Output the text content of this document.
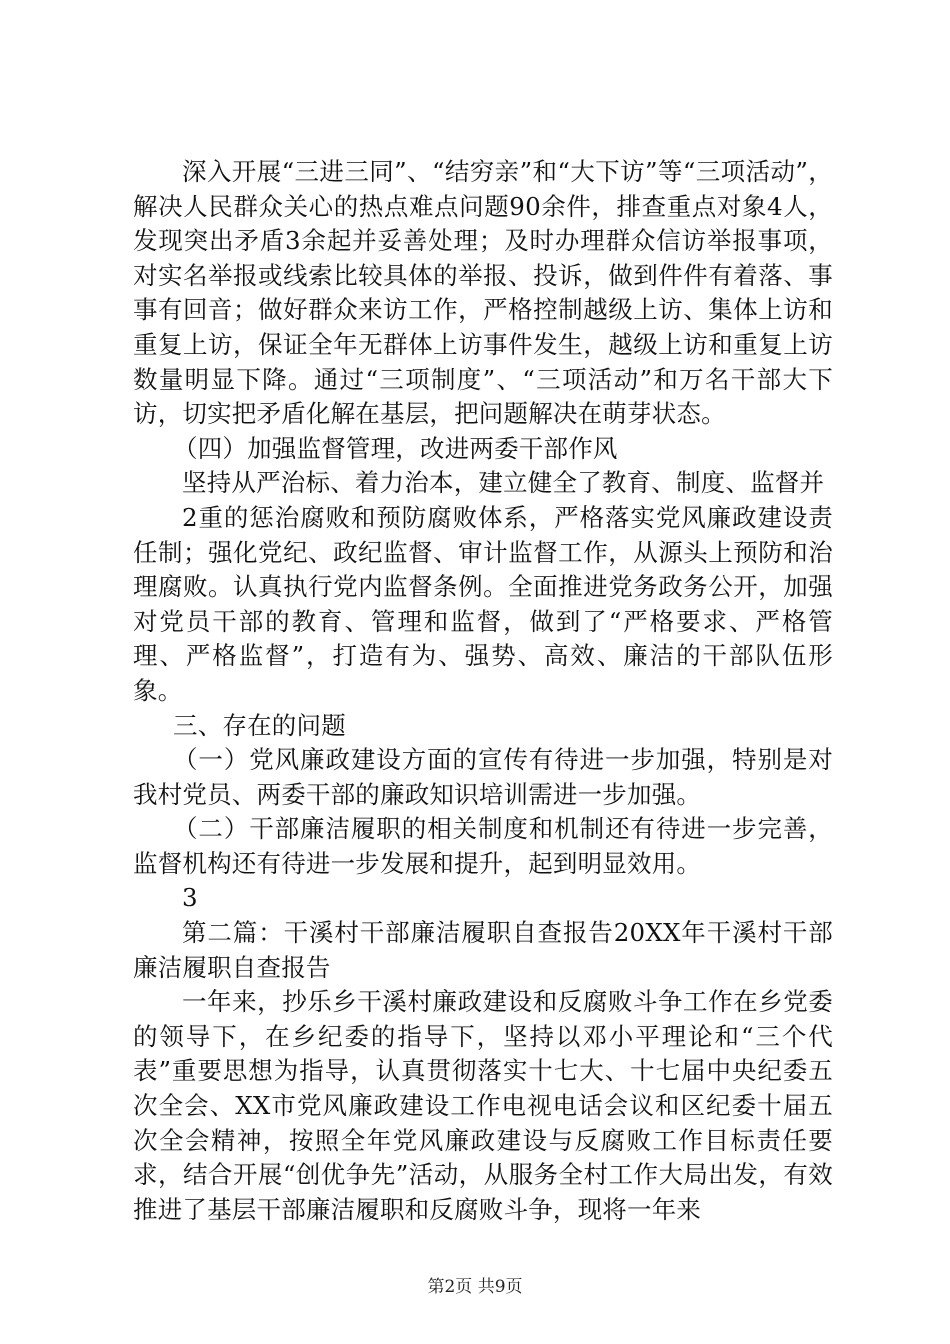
深入开展“三进三同”、“结穷亲”和“大下访”等“三项活动”，解决人民群众关心的热点难点问题90余件，排查重点对象4人，发现突出矛盾3余起并妥善处理；及时办理群众信访举报事项，对实名举报或线索比较具体的举报、投诉，做到件件有着落、事事有回音；做好群众来访工作，严格控制越级上访、集体上访和重复上访，保证全年无群体上访事件发生，越级上访和重复上访数量明显下降。通过“三项制度”、“三项活动”和万名干部大下访，切实把矛盾化解在基层，把问题解决在萌芽状态。

（四）加强监督管理，改进两委干部作风

坚持从严治标、着力治本，建立健全了教育、制度、监督并

2重的惩治腐败和预防腐败体系，严格落实党风廉政建设责任制；强化党纪、政纪监督、审计监督工作，从源头上预防和治理腐败。认真执行党内监督条例。全面推进党务政务公开，加强对党员干部的教育、管理和监督，做到了“严格要求、严格管理、严格监督”，打造有为、强势、高效、廉洁的干部队伍形象。

三、存在的问题

（一）党风廉政建设方面的宣传有待进一步加强，特别是对我村党员、两委干部的廉政知识培训需进一步加强。

（二）干部廉洁履职的相关制度和机制还有待进一步完善，监督机构还有待进一步发展和提升，起到明显效用。

3

第二篇：干溪村干部廉洁履职自查报告20XX年干溪村干部廉洁履职自查报告

一年来，抄乐乡干溪村廉政建设和反腐败斗争工作在乡党委的领导下，在乡纪委的指导下，坚持以邓小平理论和“三个代表”重要思想为指导，认真贯彻落实十七大、十七届中央纪委五次全会、XX市党风廉政建设工作电视电话会议和区纪委十届五次全会精神，按照全年党风廉政建设与反腐败工作目标责任要求，结合开展“创优争先”活动，从服务全村工作大局出发，有效推进了基层干部廉洁履职和反腐败斗争，现将一年来

第2页 共9页
